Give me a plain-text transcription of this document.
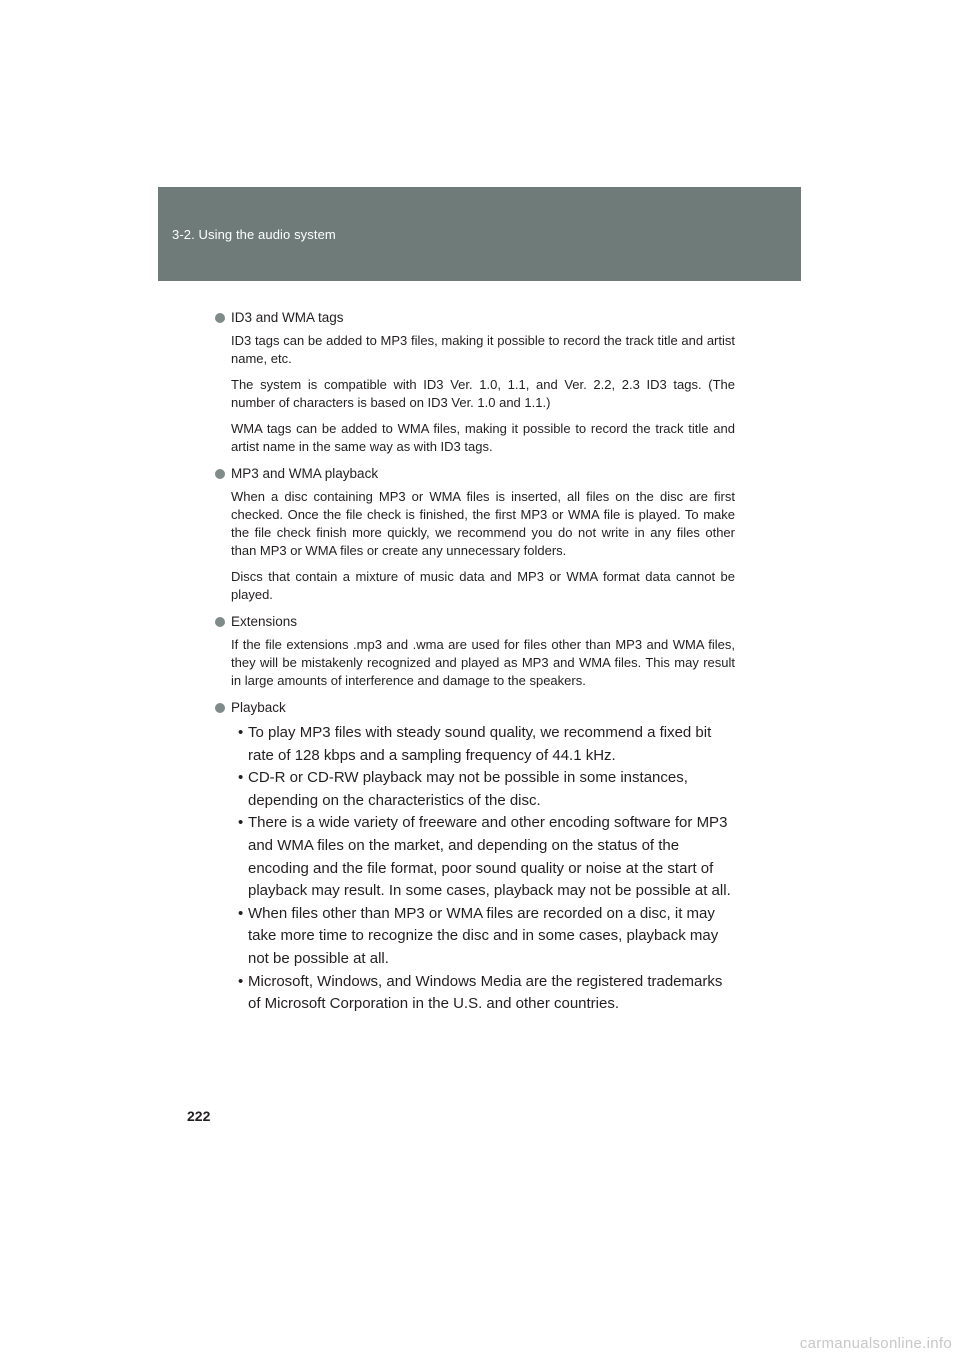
3-2. Using the audio system
ID3 and WMA tags

ID3 tags can be added to MP3 files, making it possible to record the track title and artist name, etc.

The system is compatible with ID3 Ver. 1.0, 1.1, and Ver. 2.2, 2.3 ID3 tags. (The number of characters is based on ID3 Ver. 1.0 and 1.1.)

WMA tags can be added to WMA files, making it possible to record the track title and artist name in the same way as with ID3 tags.

MP3 and WMA playback

When a disc containing MP3 or WMA files is inserted, all files on the disc are first checked. Once the file check is finished, the first MP3 or WMA file is played. To make the file check finish more quickly, we recommend you do not write in any files other than MP3 or WMA files or create any unnecessary folders.

Discs that contain a mixture of music data and MP3 or WMA format data cannot be played.

Extensions

If the file extensions .mp3 and .wma are used for files other than MP3 and WMA files, they will be mistakenly recognized and played as MP3 and WMA files. This may result in large amounts of interference and damage to the speakers.

Playback
• To play MP3 files with steady sound quality, we recommend a fixed bit rate of 128 kbps and a sampling frequency of 44.1 kHz.
• CD-R or CD-RW playback may not be possible in some instances, depending on the characteristics of the disc.
• There is a wide variety of freeware and other encoding software for MP3 and WMA files on the market, and depending on the status of the encoding and the file format, poor sound quality or noise at the start of playback may result. In some cases, playback may not be possible at all.
• When files other than MP3 or WMA files are recorded on a disc, it may take more time to recognize the disc and in some cases, playback may not be possible at all.
• Microsoft, Windows, and Windows Media are the registered trademarks of Microsoft Corporation in the U.S. and other countries.
222
carmanualsonline.info
